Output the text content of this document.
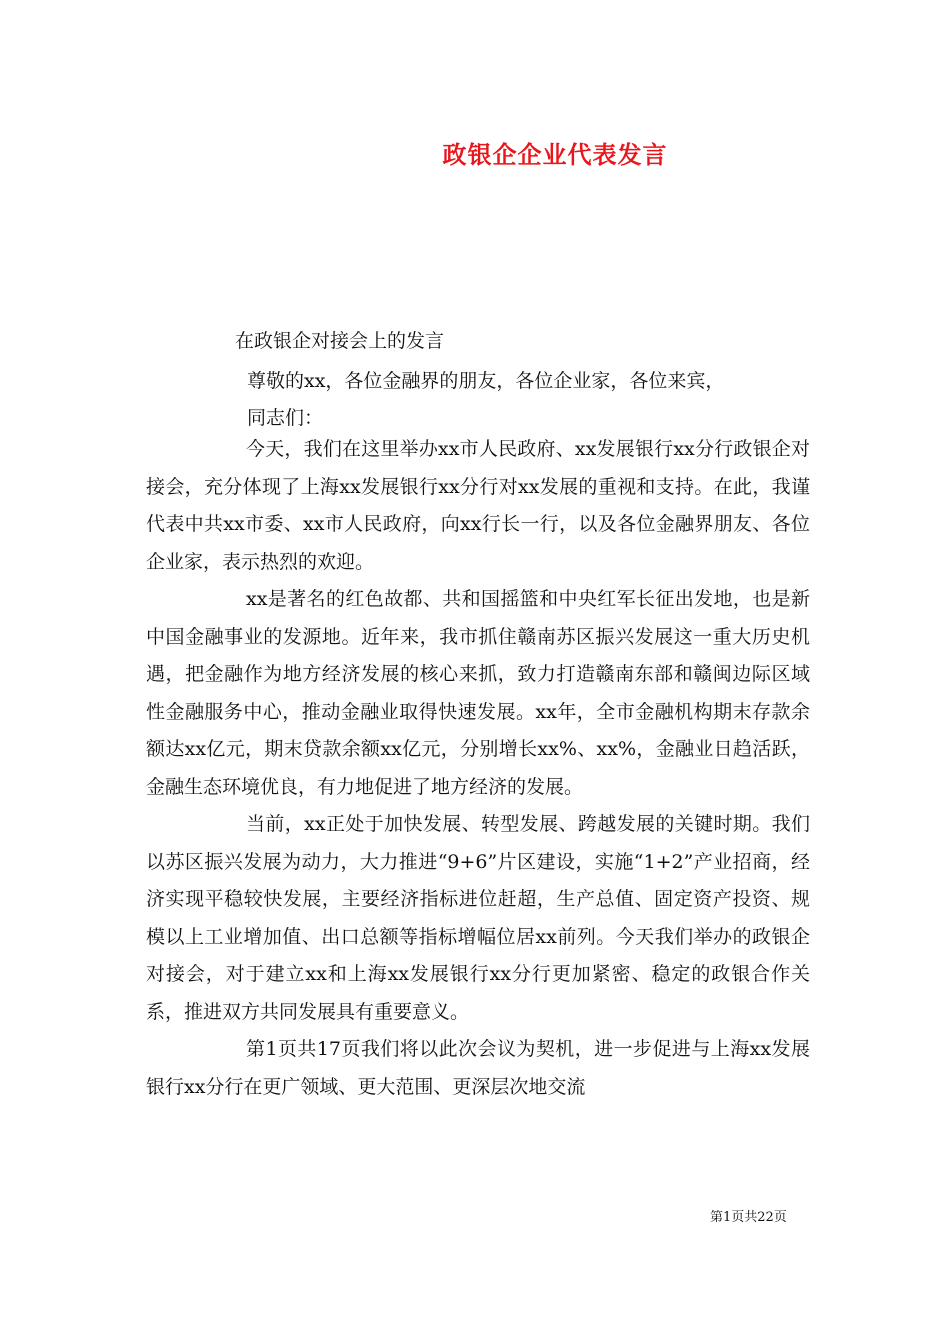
政银企企业代表发言
在政银企对接会上的发言
尊敬的xx，各位金融界的朋友，各位企业家，各位来宾，
同志们：

今天，我们在这里举办xx市人民政府、xx发展银行xx分行政银企对接会，充分体现了上海xx发展银行xx分行对xx发展的重视和支持。在此，我谨代表中共xx市委、xx市人民政府，向xx行长一行，以及各位金融界朋友、各位企业家，表示热烈的欢迎。

xx是著名的红色故都、共和国摇篮和中央红军长征出发地，也是新中国金融事业的发源地。近年来，我市抓住赣南苏区振兴发展这一重大历史机遇，把金融作为地方经济发展的核心来抓，致力打造赣南东部和赣闽边际区域性金融服务中心，推动金融业取得快速发展。xx年，全市金融机构期末存款余额达xx亿元，期末贷款余额xx亿元，分别增长xx%、xx%，金融业日趋活跃，金融生态环境优良，有力地促进了地方经济的发展。

当前，xx正处于加快发展、转型发展、跨越发展的关键时期。我们以苏区振兴发展为动力，大力推进“9+6”片区建设，实施“1+2”产业招商，经济实现平稳较快发展，主要经济指标进位赶超，生产总值、固定资产投资、规模以上工业增加值、出口总额等指标增幅位居xx前列。今天我们举办的政银企对接会，对于建立xx和上海xx发展银行xx分行更加紧密、稳定的政银合作关系，推进双方共同发展具有重要意义。

第1页共17页我们将以此次会议为契机，进一步促进与上海xx发展银行xx分行在更广领域、更大范围、更深层次地交流

第1页共22页
